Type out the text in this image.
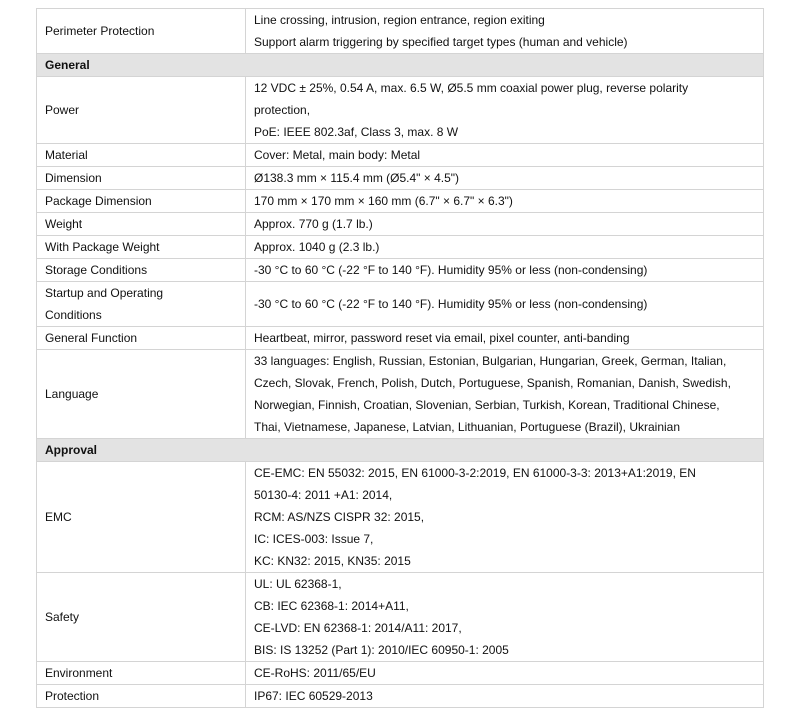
Perimeter Protection	Line crossing, intrusion, region entrance, region exiting
Support alarm triggering by specified target types (human and vehicle)

General	
Power	12 VDC ± 25%, 0.54 A, max. 6.5 W, Ø5.5 mm coaxial power plug, reverse polarity
protection,
PoE: IEEE 802.3af, Class 3, max. 8 W

Material	Cover: Metal, main body: Metal

Dimension	Ø138.3 mm × 115.4 mm (Ø5.4" × 4.5")

Package Dimension	170 mm × 170 mm × 160 mm (6.7" × 6.7" × 6.3")

Weight	Approx. 770 g (1.7 lb.)

With Package Weight	Approx. 1040 g (2.3 lb.)

Storage Conditions	-30 °C to 60 °C (-22 °F to 140 °F). Humidity 95% or less (non-condensing)

Startup and Operating
Conditions	-30 °C to 60 °C (-22 °F to 140 °F). Humidity 95% or less (non-condensing)

General Function	Heartbeat, mirror, password reset via email, pixel counter, anti-banding

Language	33 languages: English, Russian, Estonian, Bulgarian, Hungarian, Greek, German, Italian,
Czech, Slovak, French, Polish, Dutch, Portuguese, Spanish, Romanian, Danish, Swedish,
Norwegian, Finnish, Croatian, Slovenian, Serbian, Turkish, Korean, Traditional Chinese,
Thai, Vietnamese, Japanese, Latvian, Lithuanian, Portuguese (Brazil), Ukrainian

Approval	
EMC	CE-EMC: EN 55032: 2015, EN 61000-3-2:2019, EN 61000-3-3: 2013+A1:2019, EN
50130-4: 2011 +A1: 2014,
RCM: AS/NZS CISPR 32: 2015,
IC: ICES-003: Issue 7,
KC: KN32: 2015, KN35: 2015

Safety	UL: UL 62368-1,
CB: IEC 62368-1: 2014+A11,
CE-LVD: EN 62368-1: 2014/A11: 2017,
BIS: IS 13252 (Part 1): 2010/IEC 60950-1: 2005

Environment	CE-RoHS: 2011/65/EU

Protection	IP67: IEC 60529-2013
